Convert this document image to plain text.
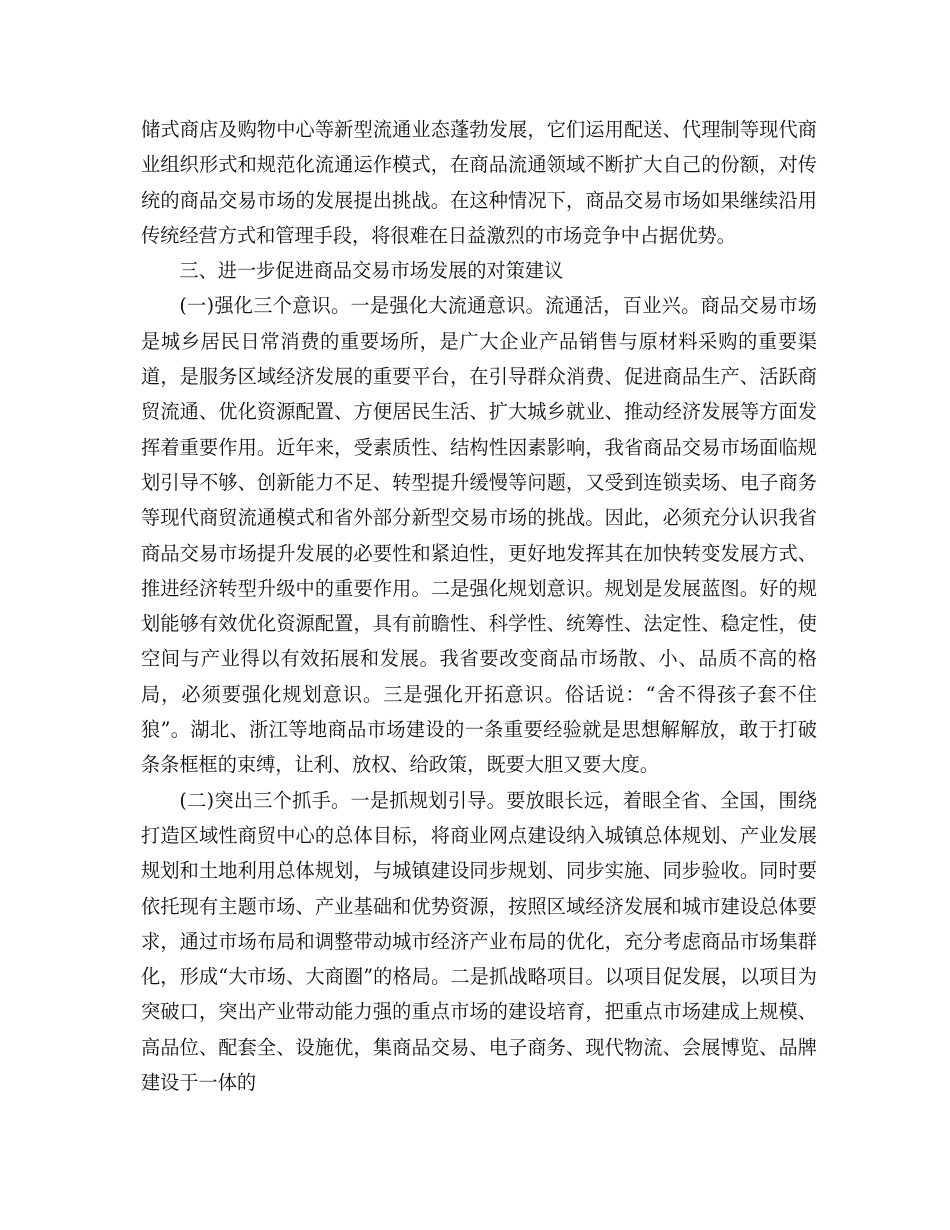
储式商店及购物中心等新型流通业态蓬勃发展，它们运用配送、代理制等现代商业组织形式和规范化流通运作模式，在商品流通领域不断扩大自己的份额，对传统的商品交易市场的发展提出挑战。在这种情况下，商品交易市场如果继续沿用传统经营方式和管理手段，将很难在日益激烈的市场竞争中占据优势。

三、进一步促进商品交易市场发展的对策建议

(一)强化三个意识。一是强化大流通意识。流通活，百业兴。商品交易市场是城乡居民日常消费的重要场所，是广大企业产品销售与原材料采购的重要渠道，是服务区域经济发展的重要平台，在引导群众消费、促进商品生产、活跃商贸流通、优化资源配置、方便居民生活、扩大城乡就业、推动经济发展等方面发挥着重要作用。近年来，受素质性、结构性因素影响，我省商品交易市场面临规划引导不够、创新能力不足、转型提升缓慢等问题，又受到连锁卖场、电子商务等现代商贸流通模式和省外部分新型交易市场的挑战。因此，必须充分认识我省商品交易市场提升发展的必要性和紧迫性，更好地发挥其在加快转变发展方式、推进经济转型升级中的重要作用。二是强化规划意识。规划是发展蓝图。好的规划能够有效优化资源配置，具有前瞻性、科学性、统筹性、法定性、稳定性，使空间与产业得以有效拓展和发展。我省要改变商品市场散、小、品质不高的格局，必须要强化规划意识。三是强化开拓意识。俗话说：“舍不得孩子套不住狼”。湖北、浙江等地商品市场建设的一条重要经验就是思想解解放，敢于打破条条框框的束缚，让利、放权、给政策，既要大胆又要大度。

(二)突出三个抓手。一是抓规划引导。要放眼长远，着眼全省、全国，围绕打造区域性商贸中心的总体目标，将商业网点建设纳入城镇总体规划、产业发展规划和土地利用总体规划，与城镇建设同步规划、同步实施、同步验收。同时要依托现有主题市场、产业基础和优势资源，按照区域经济发展和城市建设总体要求，通过市场布局和调整带动城市经济产业布局的优化，充分考虑商品市场集群化，形成“大市场、大商圈”的格局。二是抓战略项目。以项目促发展，以项目为突破口，突出产业带动能力强的重点市场的建设培育，把重点市场建成上规模、高品位、配套全、设施优，集商品交易、电子商务、现代物流、会展博览、品牌建设于一体的
